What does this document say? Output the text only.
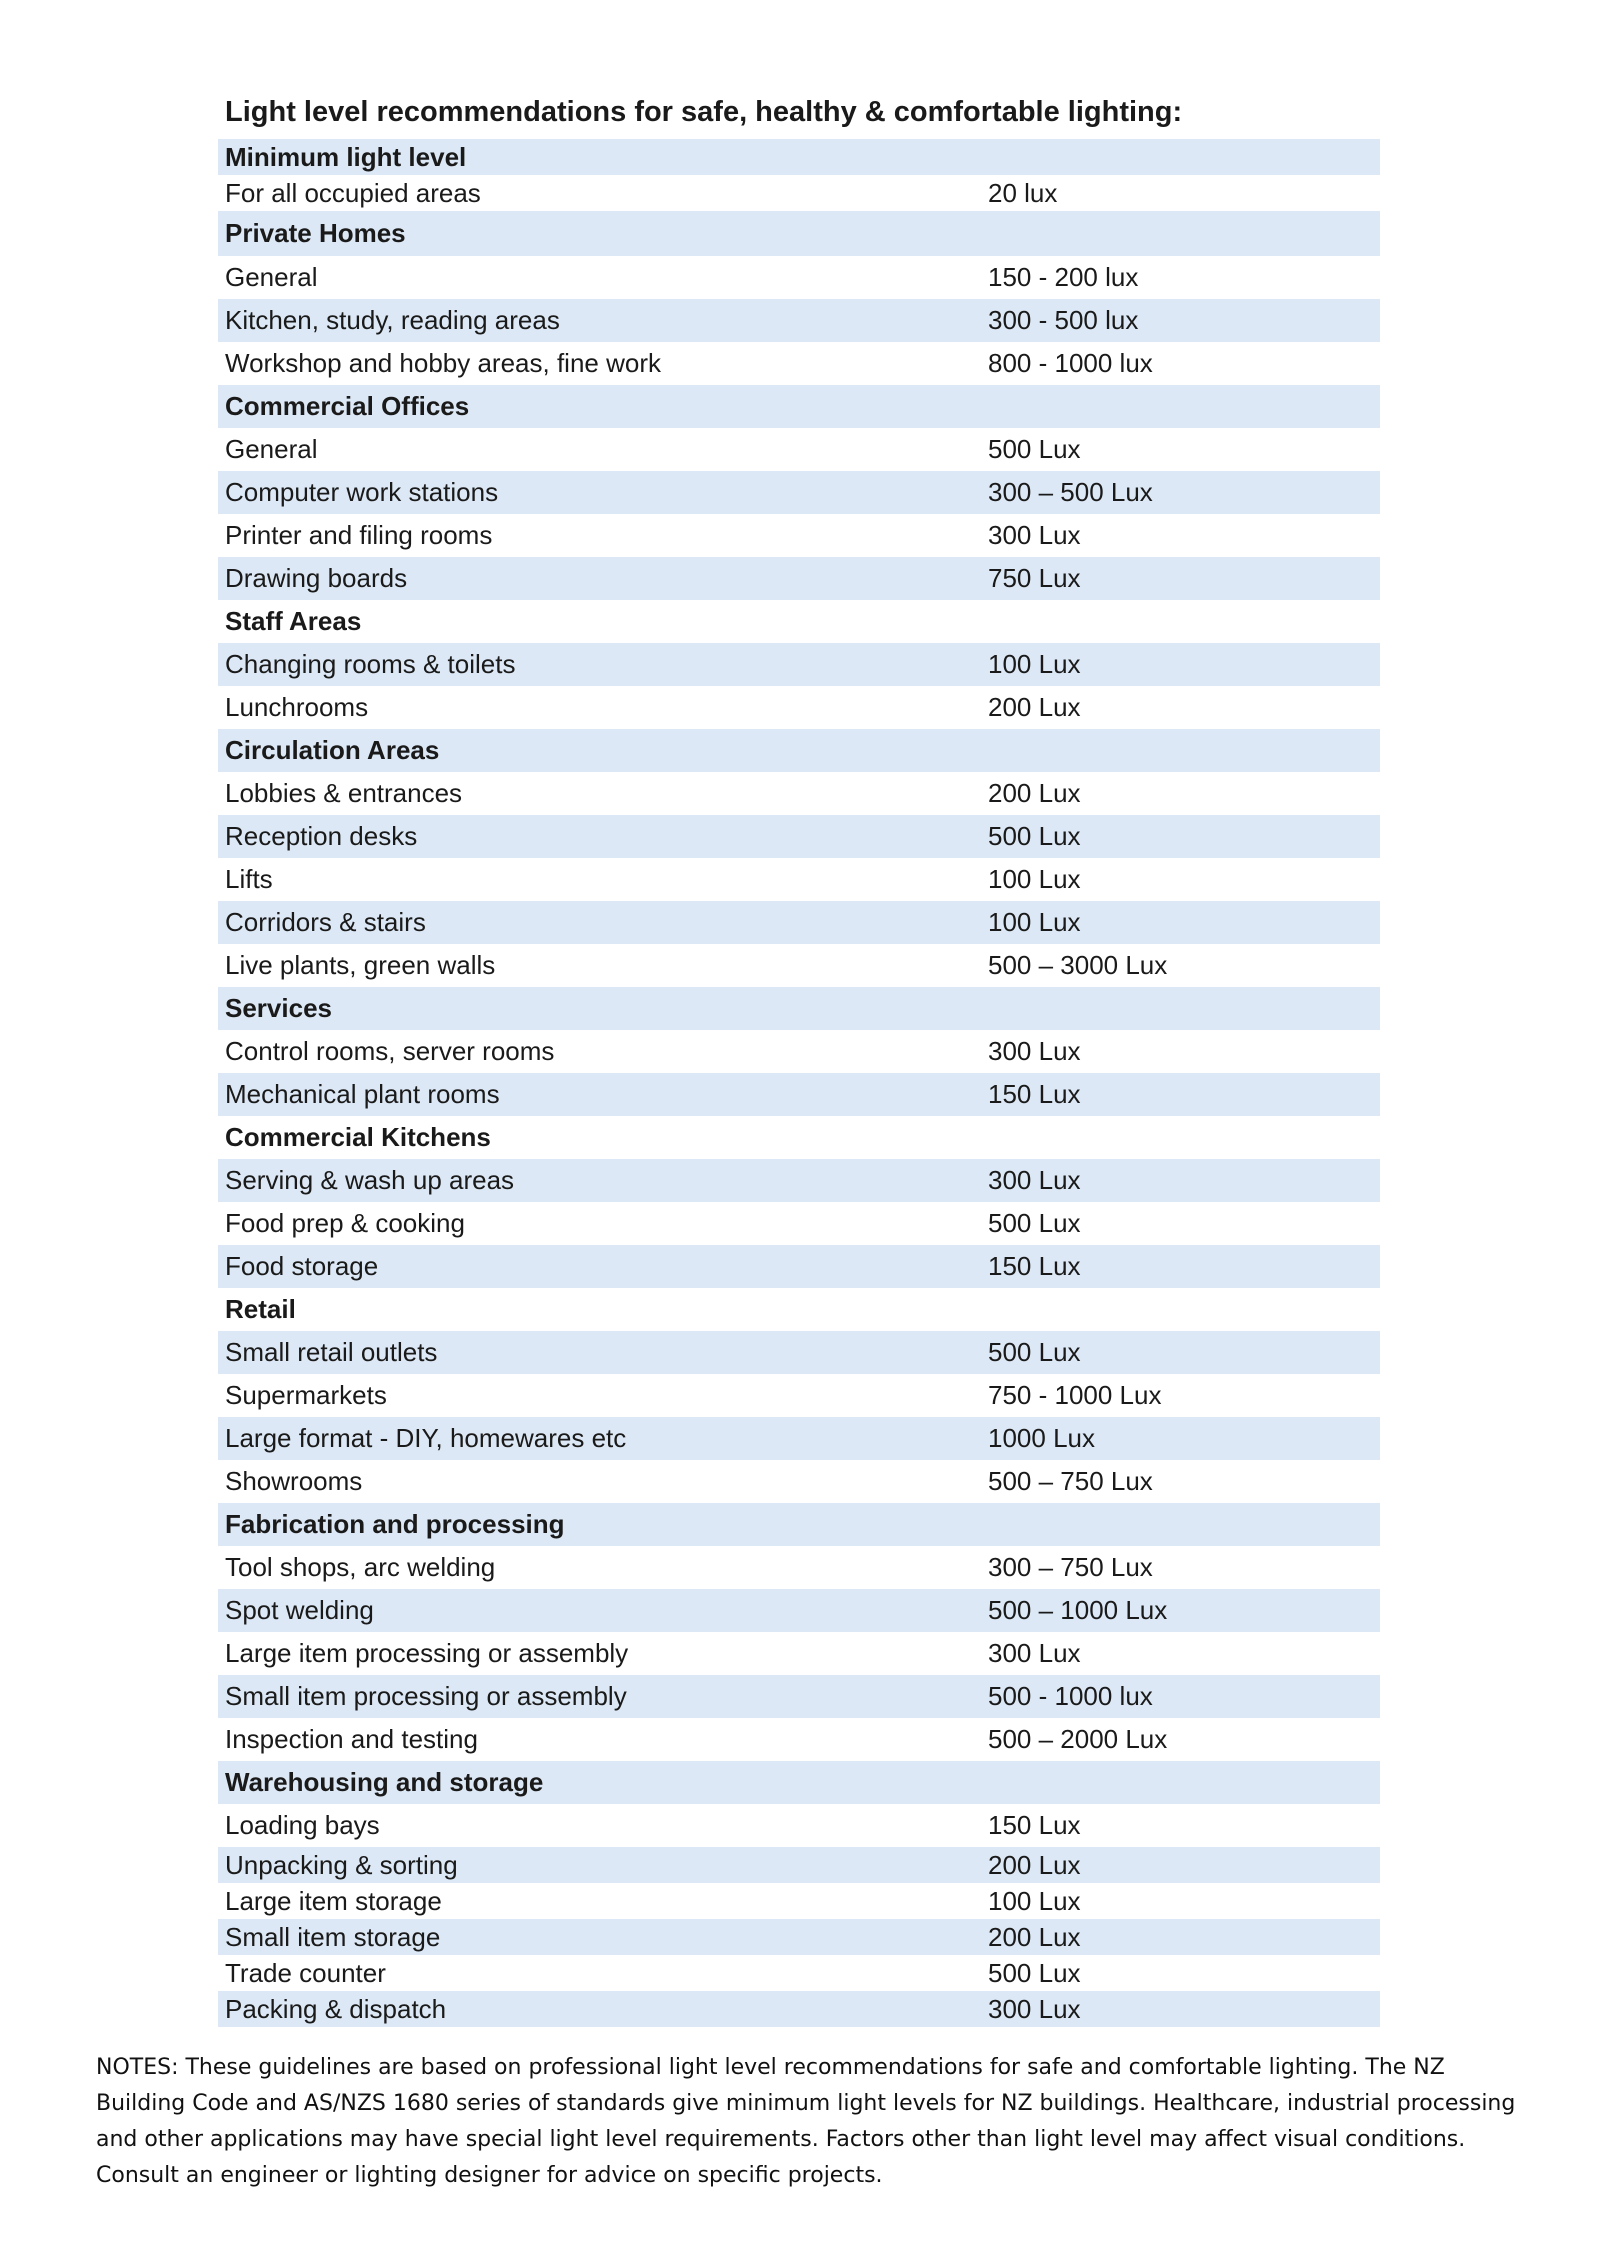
Light level recommendations for safe, healthy & comfortable lighting:
Minimum light level	
For all occupied areas	20 lux
Private Homes	
General	150 - 200 lux
Kitchen, study, reading areas	300 - 500 lux
Workshop and hobby areas, fine work	800 - 1000 lux
Commercial Offices	
General	500 Lux
Computer work stations	300 – 500 Lux
Printer and filing rooms	300 Lux
Drawing boards	750 Lux
Staff Areas	
Changing rooms & toilets	100 Lux
Lunchrooms	200 Lux
Circulation Areas	
Lobbies & entrances	200 Lux
Reception desks	500 Lux
Lifts	100 Lux
Corridors & stairs	100 Lux
Live plants, green walls	500 – 3000 Lux
Services	
Control rooms, server rooms	300 Lux
Mechanical plant rooms	150 Lux
Commercial Kitchens	
Serving & wash up areas	300 Lux
Food prep & cooking	500 Lux
Food storage	150 Lux
Retail	
Small retail outlets	500 Lux
Supermarkets	750 - 1000 Lux
Large format - DIY, homewares etc	1000 Lux
Showrooms	500 – 750 Lux
Fabrication and processing	
Tool shops, arc welding	300 – 750 Lux
Spot welding	500 – 1000 Lux
Large item processing or assembly	300 Lux
Small item processing or assembly	500 - 1000 lux
Inspection and testing	500 – 2000 Lux
Warehousing and storage	
Loading bays	150 Lux
Unpacking & sorting	200 Lux
Large item storage	100 Lux
Small item storage	200 Lux
Trade counter	500 Lux
Packing & dispatch	300 Lux

NOTES: These guidelines are based on professional light level recommendations for safe and comfortable lighting. The NZ Building Code and AS/NZS 1680 series of standards give minimum light levels for NZ buildings. Healthcare, industrial processing and other applications may have special light level requirements. Factors other than light level may affect visual conditions. Consult an engineer or lighting designer for advice on specific projects.
